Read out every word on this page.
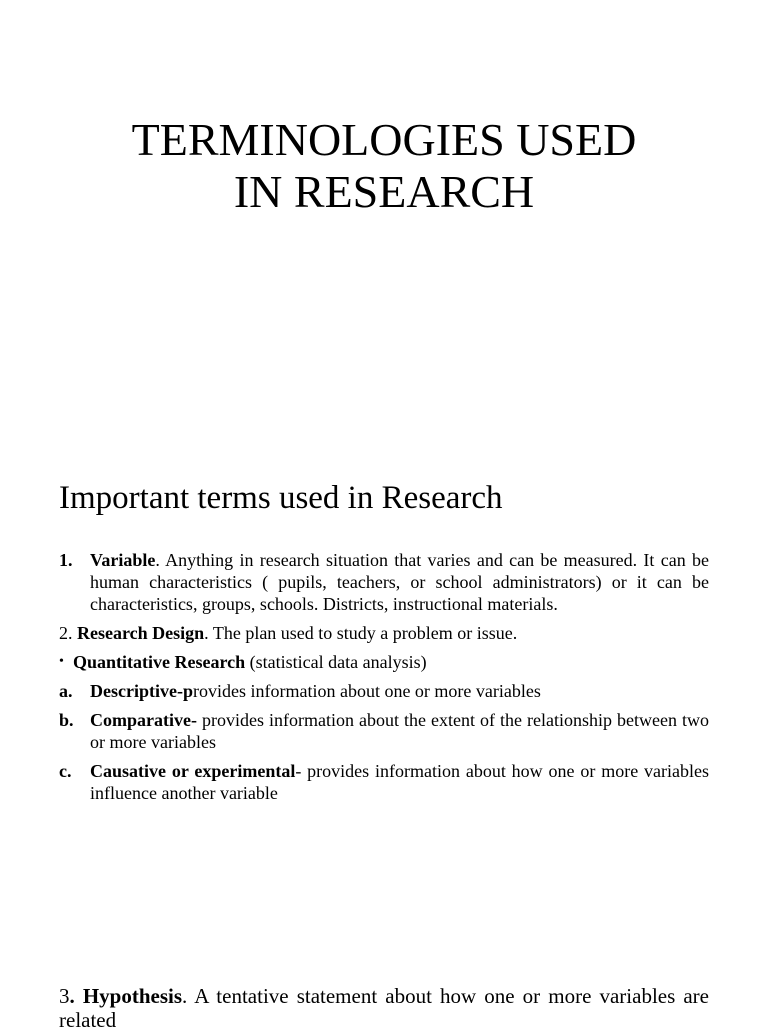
TERMINOLOGIES USED
IN RESEARCH
Important terms used in Research
1. Variable. Anything in research situation that varies and can be measured. It can be human characteristics ( pupils, teachers, or school administrators) or it can be characteristics, groups, schools. Districts, instructional materials.
2. Research Design. The plan used to study a problem or issue.
• Quantitative Research (statistical data analysis)
a. Descriptive-provides information about one or more variables
b. Comparative- provides information about the extent of the relationship between two or more variables
c.	Causative or experimental- provides information about how one or more variables influence another variable

3. Hypothesis. A tentative statement about how one or more variables are related
